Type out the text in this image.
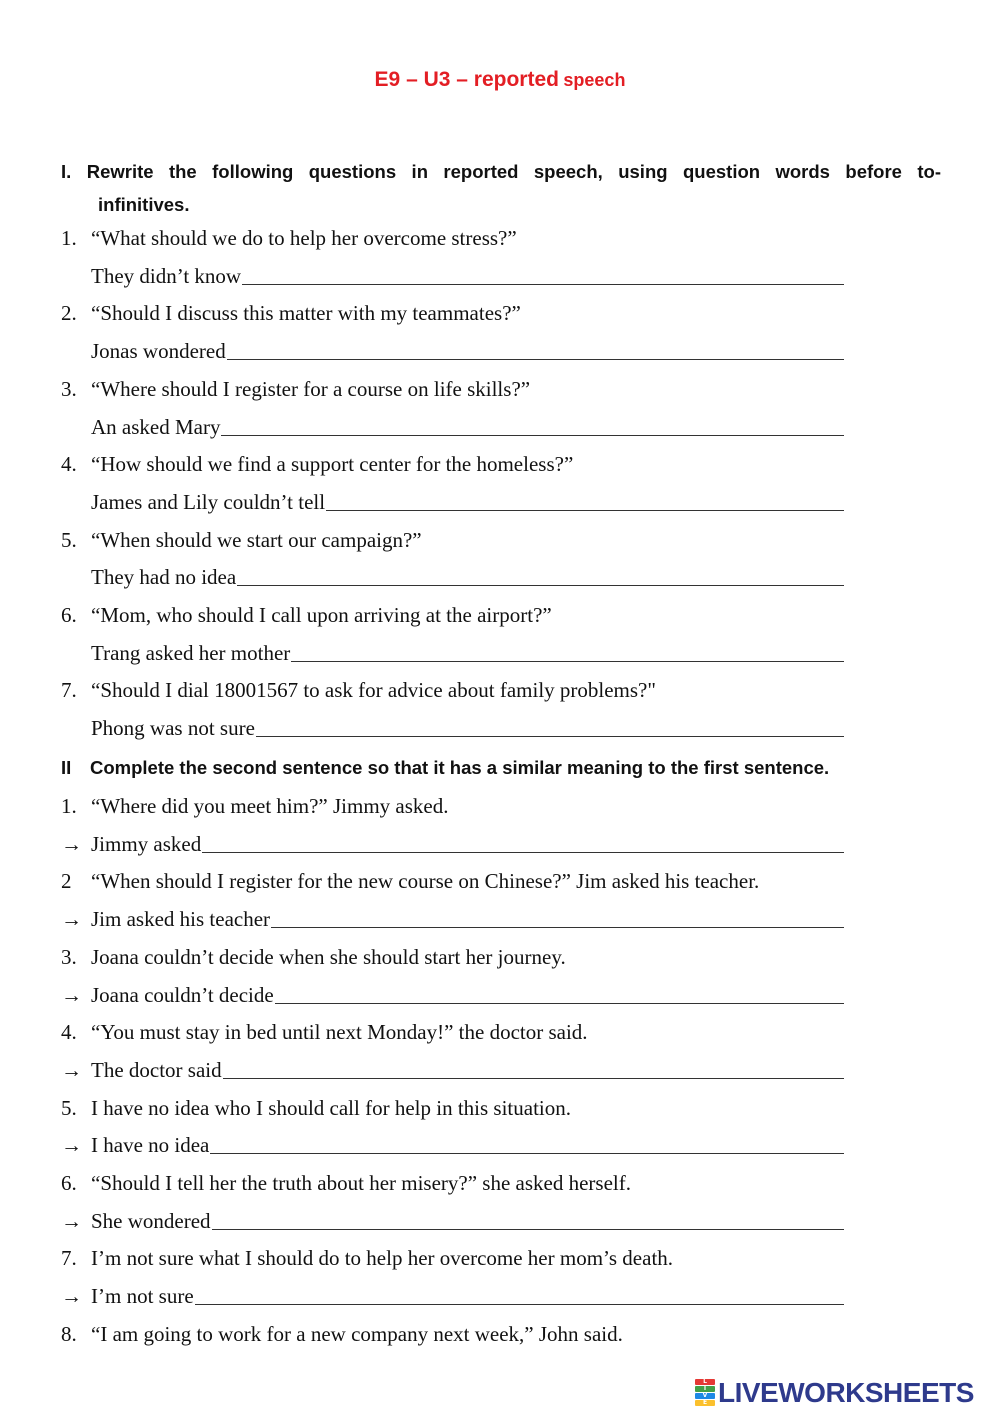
E9 – U3 – reported speech
I. Rewrite the following questions in reported speech, using question words before to-
infinitives.
1. “What should we do to help her overcome stress?”
They didn’t know
2. “Should I discuss this matter with my teammates?”
Jonas wondered
3. “Where should I register for a course on life skills?”
An asked Mary
4. “How should we find a support center for the homeless?”
James and Lily couldn’t tell
5. “When should we start our campaign?”
They had no idea
6. “Mom, who should I call upon arriving at the airport?”
Trang asked her mother
7. “Should I dial 18001567 to ask for advice about family problems?"
Phong was not sure
II Complete the second sentence so that it has a similar meaning to the first sentence.
1. “Where did you meet him?” Jimmy asked.
→ Jimmy asked
2 “When should I register for the new course on Chinese?” Jim asked his teacher.
→ Jim asked his teacher
3. Joana couldn’t decide when she should start her journey.
→ Joana couldn’t decide
4. “You must stay in bed until next Monday!” the doctor said.
→ The doctor said
5. I have no idea who I should call for help in this situation.
→ I have no idea
6. “Should I tell her the truth about her misery?” she asked herself.
→ She wondered
7. I’m not sure what I should do to help her overcome her mom’s death.
→ I’m not sure
8. “I am going to work for a new company next week,” John said.
L
I
V
E LIVEWORKSHEETS
